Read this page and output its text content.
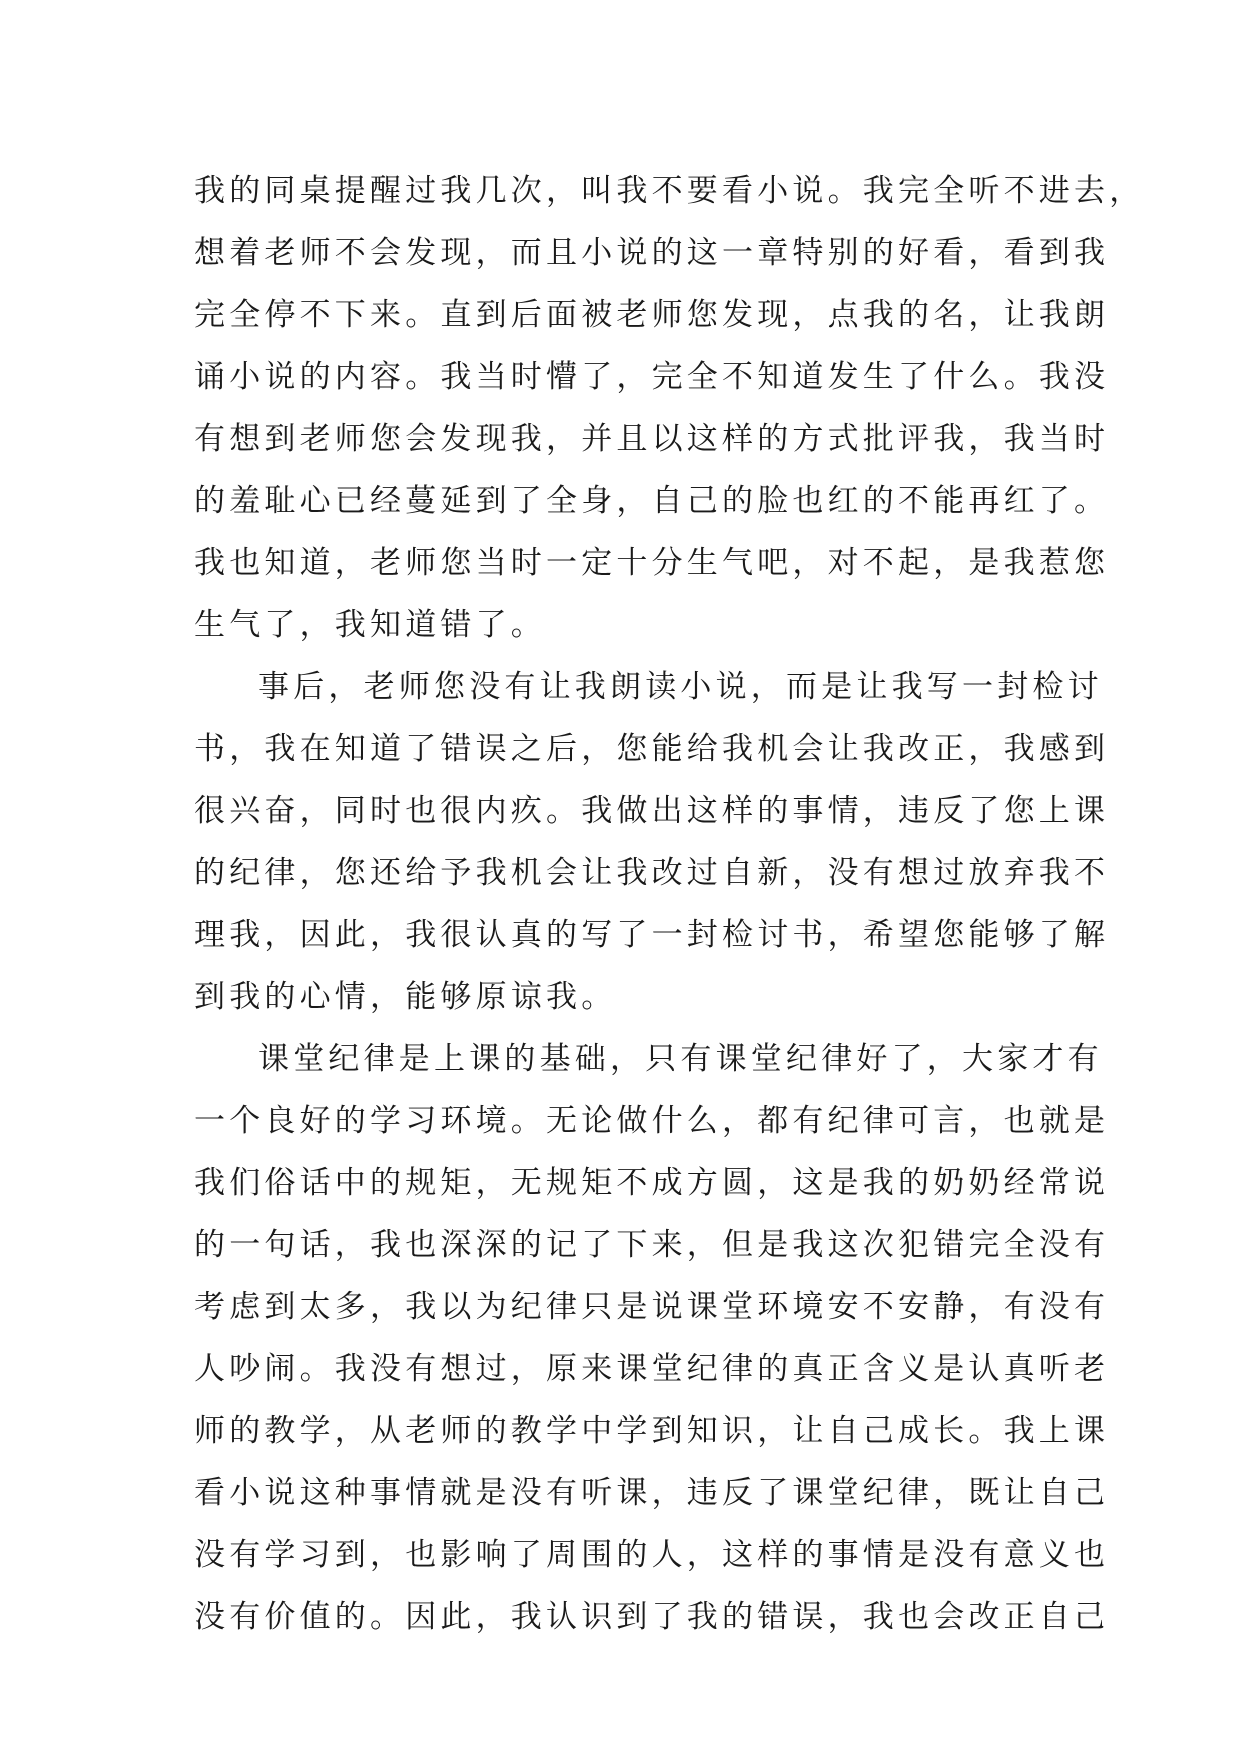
我的同桌提醒过我几次，叫我不要看小说。我完全听不进去，
想着老师不会发现，而且小说的这一章特别的好看，看到我
完全停不下来。直到后面被老师您发现，点我的名，让我朗
诵小说的内容。我当时懵了，完全不知道发生了什么。我没
有想到老师您会发现我，并且以这样的方式批评我，我当时
的羞耻心已经蔓延到了全身，自己的脸也红的不能再红了。
我也知道，老师您当时一定十分生气吧，对不起，是我惹您
生气了，我知道错了。
事后，老师您没有让我朗读小说，而是让我写一封检讨
书，我在知道了错误之后，您能给我机会让我改正，我感到
很兴奋，同时也很内疚。我做出这样的事情，违反了您上课
的纪律，您还给予我机会让我改过自新，没有想过放弃我不
理我，因此，我很认真的写了一封检讨书，希望您能够了解
到我的心情，能够原谅我。
课堂纪律是上课的基础，只有课堂纪律好了，大家才有
一个良好的学习环境。无论做什么，都有纪律可言，也就是
我们俗话中的规矩，无规矩不成方圆，这是我的奶奶经常说
的一句话，我也深深的记了下来，但是我这次犯错完全没有
考虑到太多，我以为纪律只是说课堂环境安不安静，有没有
人吵闹。我没有想过，原来课堂纪律的真正含义是认真听老
师的教学，从老师的教学中学到知识，让自己成长。我上课
看小说这种事情就是没有听课，违反了课堂纪律，既让自己
没有学习到，也影响了周围的人，这样的事情是没有意义也
没有价值的。因此，我认识到了我的错误，我也会改正自己
